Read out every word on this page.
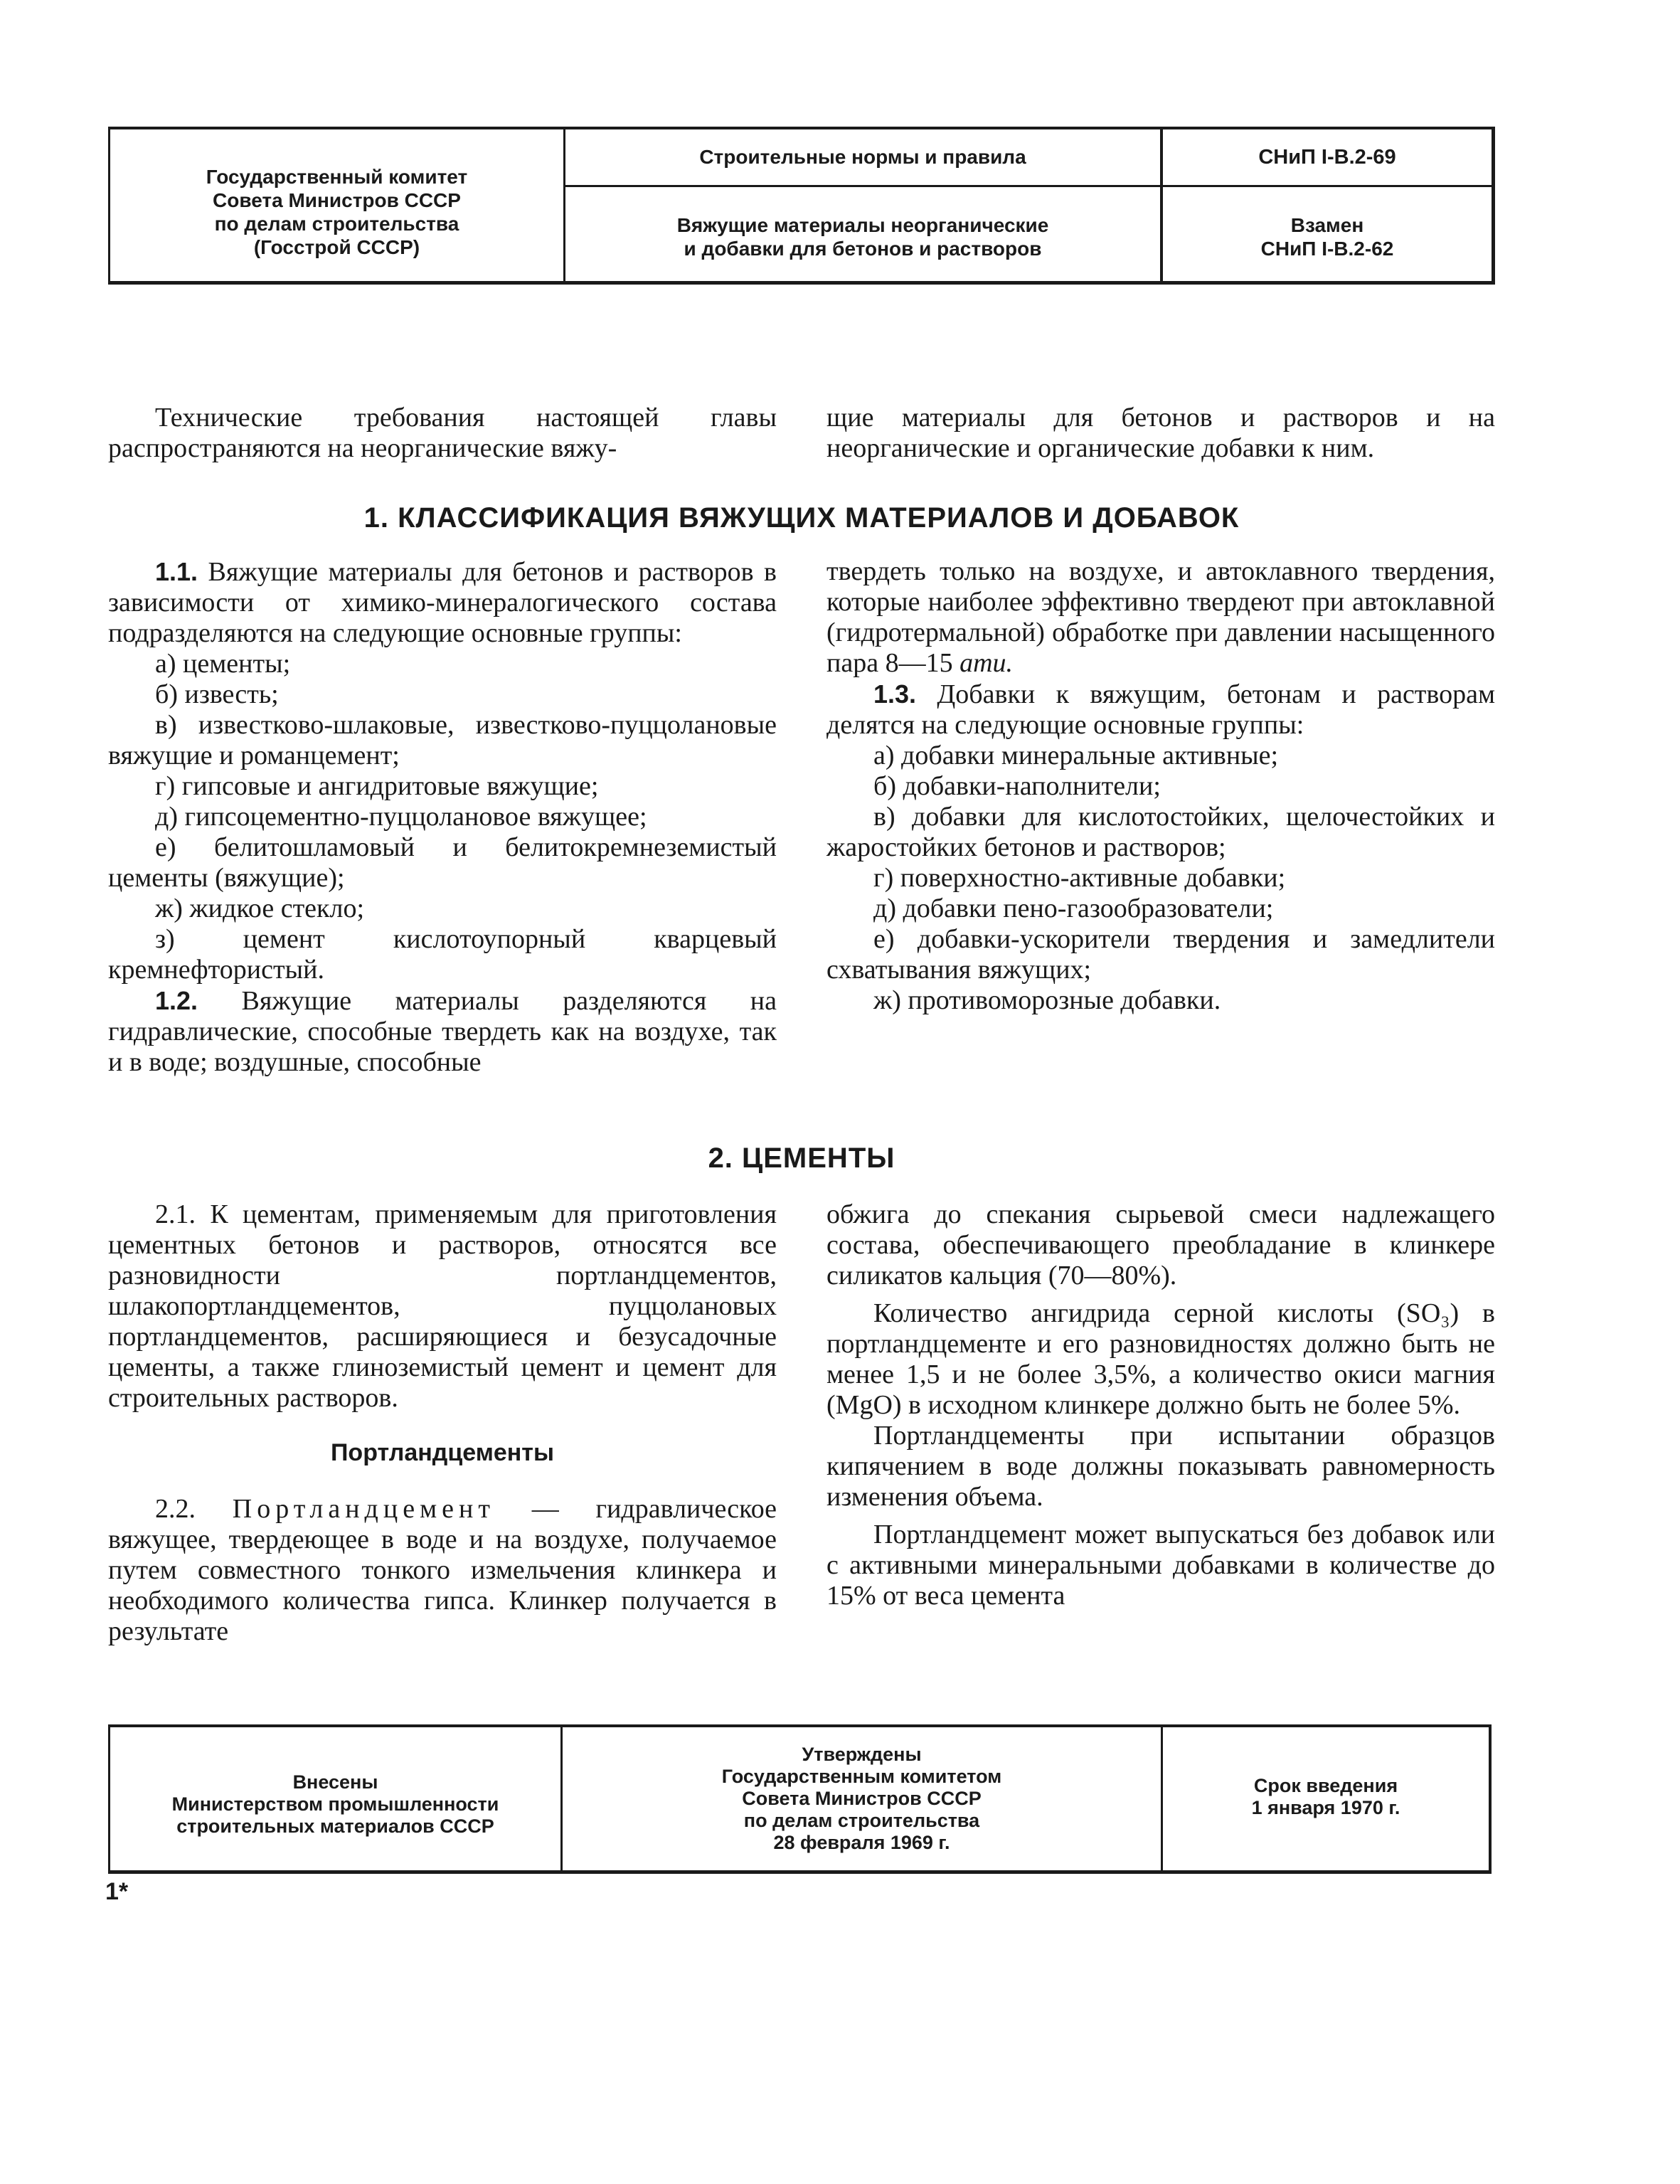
Государственный комитет
Совета Министров СССР
по делам строительства
(Госстрой СССР)
Строительные нормы и правила
Вяжущие материалы неорганические
и добавки для бетонов и растворов
СНиП I-В.2-69
Взамен
СНиП I-В.2-62

Технические требования настоящей главы распространяются на неорганические вяжу-

щие материалы для бетонов и растворов и на неорганические и органические добавки к ним.

1. КЛАССИФИКАЦИЯ ВЯЖУЩИХ МАТЕРИАЛОВ И ДОБАВОК

1.1. Вяжущие материалы для бетонов и растворов в зависимости от химико-минералогического состава подразделяются на следующие основные группы:

а) цементы;

б) известь;

в) известково-шлаковые, известково-пуццолановые вяжущие и романцемент;

г) гипсовые и ангидритовые вяжущие;

д) гипсоцементно-пуццолановое вяжущее;

е) белитошламовый и белитокремнеземистый цементы (вяжущие);

ж) жидкое стекло;

з) цемент кислотоупорный кварцевый кремнефтористый.

1.2. Вяжущие материалы разделяются на гидравлические, способные твердеть как на воздухе, так и в воде; воздушные, способные

твердеть только на воздухе, и автоклавного твердения, которые наиболее эффективно твердеют при автоклавной (гидротермальной) обработке при давлении насыщенного пара 8—15 ати.

1.3. Добавки к вяжущим, бетонам и растворам делятся на следующие основные группы:

а) добавки минеральные активные;

б) добавки-наполнители;

в) добавки для кислотостойких, щелочестойких и жаростойких бетонов и растворов;

г) поверхностно-активные добавки;

д) добавки пено-газообразователи;

е) добавки-ускорители твердения и замедлители схватывания вяжущих;

ж) противоморозные добавки.

2. ЦЕМЕНТЫ

2.1. К цементам, применяемым для приготовления цементных бетонов и растворов, относятся все разновидности портландцементов, шлакопортландцементов, пуццолановых портландцементов, расширяющиеся и безусадочные цементы, а также глиноземистый цемент и цемент для строительных растворов.

Портландцементы

2.2. Портландцемент — гидравлическое вяжущее, твердеющее в воде и на воздухе, получаемое путем совместного тонкого измельчения клинкера и необходимого количества гипса. Клинкер получается в результате

обжига до спекания сырьевой смеси надлежащего состава, обеспечивающего преобладание в клинкере силикатов кальция (70—80%).

Количество ангидрида серной кислоты (SO₃) в портландцементе и его разновидностях должно быть не менее 1,5 и не более 3,5%, а количество окиси магния (MgO) в исходном клинкере должно быть не более 5%.

Портландцементы при испытании образцов кипячением в воде должны показывать равномерность изменения объема.

Портландцемент может выпускаться без добавок или с активными минеральными добавками в количестве до 15% от веса цемента

Внесены
Министерством промышленности
строительных материалов СССР
Утверждены
Государственным комитетом
Совета Министров СССР
по делам строительства
28 февраля 1969 г.
Срок введения
1 января 1970 г.
1*
